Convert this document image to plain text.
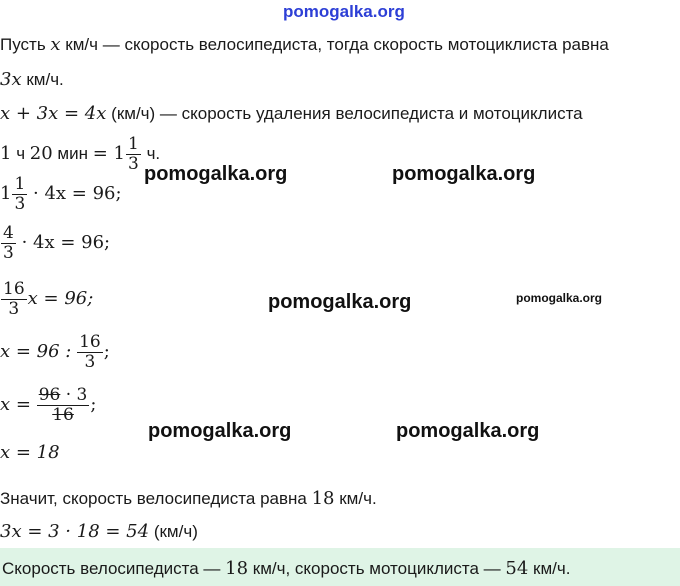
pomogalka.org
Пусть x км/ч — скорость велосипедиста, тогда скорость мотоциклиста равна
3x км/ч.
x + 3x = 4x (км/ч) — скорость удаления велосипедиста и мотоциклиста
1 ч 20 мин = $1 \frac{1}{3} ч$.
$1 \frac{1}{3} \cdot 4x = 96$;
$\frac{4}{3} \cdot 4x = 96$;
$\frac{16}{3}$ x = 96;
x = 96 : $\frac{16}{3}$ ;
$x = \frac{96 \cdot 3}{16}$ ;
x = 18
Значит, скорость велосипедиста равна 18 км/ч.
3x = 3 · 18 = 54 (км/ч)
Скорость велосипедиста — 18 км/ч, скорость мотоциклиста — 54 км/ч.
pomogalka.org	pomogalka.org
pomogalka.org	pomogalka.org
pomogalka.org	pomogalka.org
